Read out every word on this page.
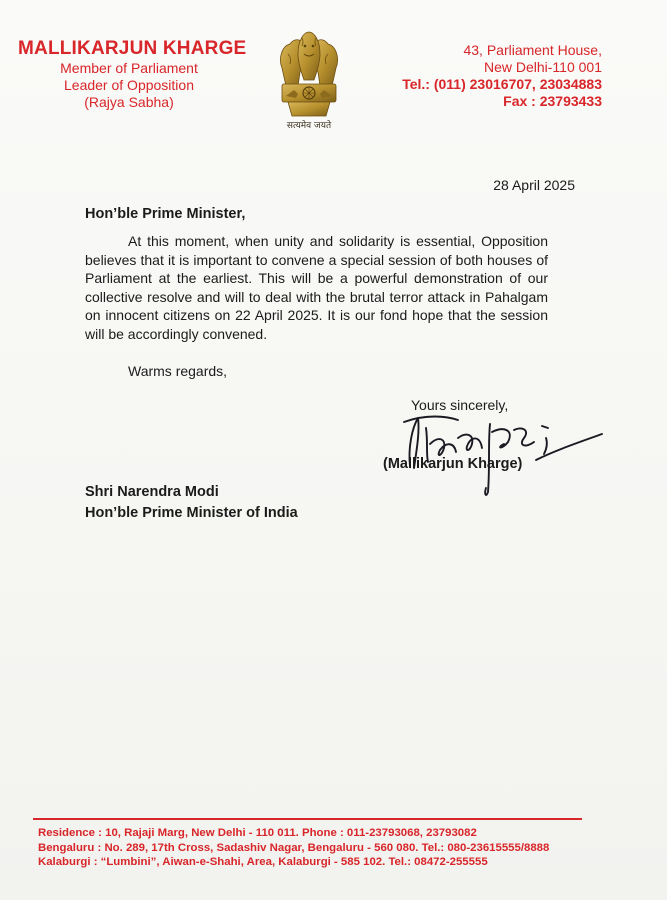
MALLIKARJUN KHARGE
Member of Parliament
Leader of Opposition
(Rajya Sabha)
सत्यमेव जयते
43, Parliament House,
New Delhi-110 001
Tel.: (011) 23016707, 23034883
Fax : 23793433
28 April 2025
Hon’ble Prime Minister,

At this moment, when unity and solidarity is essential, Opposition believes that it is important to convene a special session of both houses of Parliament at the earliest. This will be a powerful demonstration of our collective resolve and will to deal with the brutal terror attack in Pahalgam on innocent citizens on 22 April 2025. It is our fond hope that the session will be accordingly convened.

Warms regards,
Yours sincerely,
(Mallikarjun Kharge)
Shri Narendra Modi
Hon’ble Prime Minister of India
Residence : 10, Rajaji Marg, New Delhi - 110 011. Phone : 011-23793068, 23793082
Bengaluru : No. 289, 17th Cross, Sadashiv Nagar, Bengaluru - 560 080. Tel.: 080-23615555/8888
Kalaburgi : “Lumbini”, Aiwan-e-Shahi, Area, Kalaburgi - 585 102. Tel.: 08472-255555
